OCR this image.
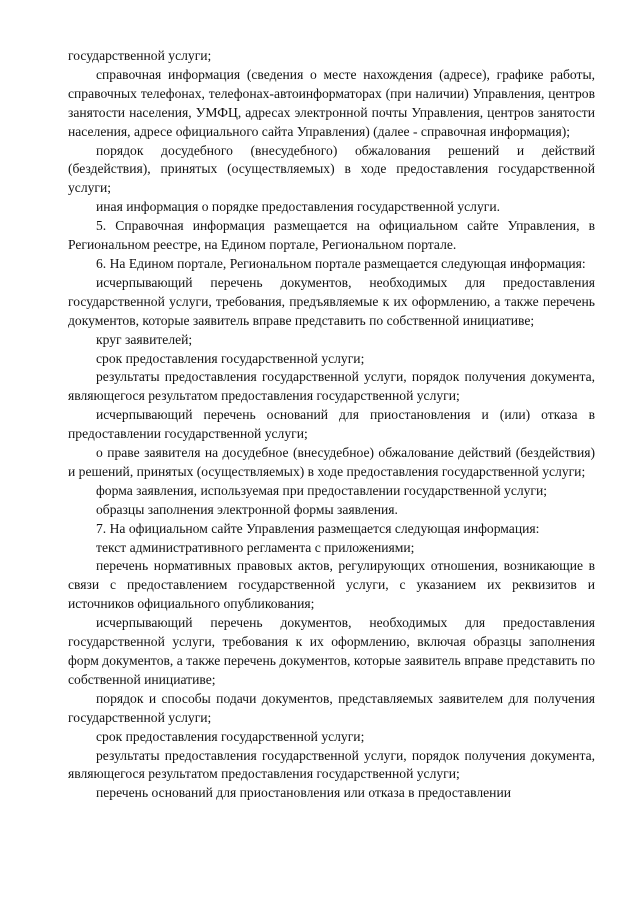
государственной услуги;

справочная информация (сведения о месте нахождения (адресе), графике работы, справочных телефонах, телефонах-автоинформаторах (при наличии) Управления, центров занятости населения, УМФЦ, адресах электронной почты Управления, центров занятости населения, адресе официального сайта Управления) (далее - справочная информация);

порядок досудебного (внесудебного) обжалования решений и действий (бездействия), принятых (осуществляемых) в ходе предоставления государственной услуги;

иная информация о порядке предоставления государственной услуги.

5. Справочная информация размещается на официальном сайте Управления, в Региональном реестре, на Едином портале, Региональном портале.

6. На Едином портале, Региональном портале размещается следующая информация:

исчерпывающий перечень документов, необходимых для предоставления государственной услуги, требования, предъявляемые к их оформлению, а также перечень документов, которые заявитель вправе представить по собственной инициативе;

круг заявителей;

срок предоставления государственной услуги;

результаты предоставления государственной услуги, порядок получения документа, являющегося результатом предоставления государственной услуги;

исчерпывающий перечень оснований для приостановления и (или) отказа в предоставлении государственной услуги;

о праве заявителя на досудебное (внесудебное) обжалование действий (бездействия) и решений, принятых (осуществляемых) в ходе предоставления государственной услуги;

форма заявления, используемая при предоставлении государственной услуги;

образцы заполнения электронной формы заявления.

7. На официальном сайте Управления размещается следующая информация:

текст административного регламента с приложениями;

перечень нормативных правовых актов, регулирующих отношения, возникающие в связи с предоставлением государственной услуги, с указанием их реквизитов и источников официального опубликования;

исчерпывающий перечень документов, необходимых для предоставления государственной услуги, требования к их оформлению, включая образцы заполнения форм документов, а также перечень документов, которые заявитель вправе представить по собственной инициативе;

порядок и способы подачи документов, представляемых заявителем для получения государственной услуги;

срок предоставления государственной услуги;

результаты предоставления государственной услуги, порядок получения документа, являющегося результатом предоставления государственной услуги;

перечень оснований для приостановления или отказа в предоставлении
